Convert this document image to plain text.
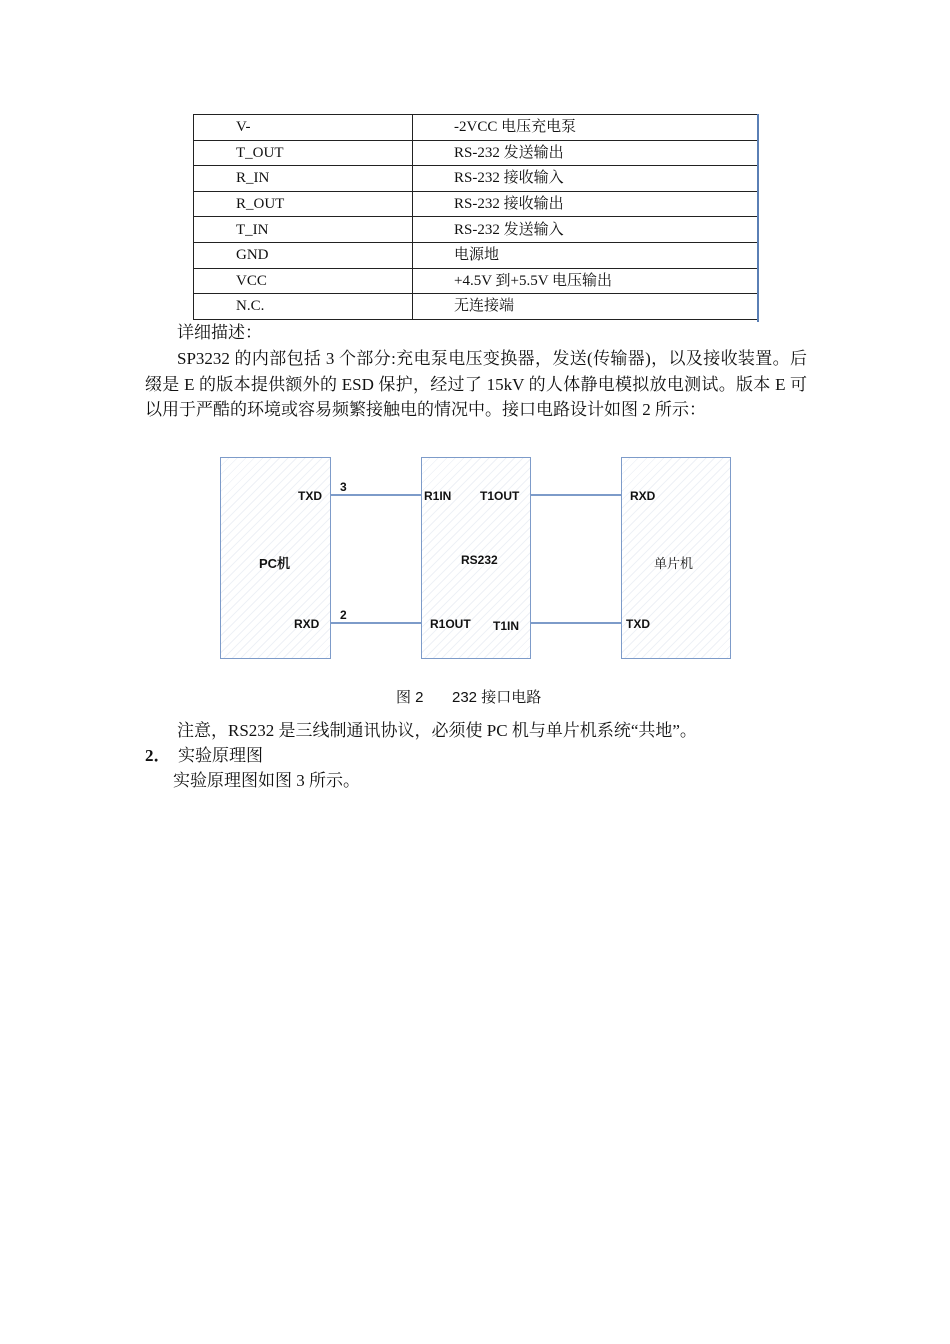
V-	-2VCC 电压充电泵
T_OUT	RS-232 发送输出
R_IN	RS-232 接收输入
R_OUT	RS-232 接收输出
T_IN	RS-232 发送输入
GND	电源地
VCC	+4.5V 到+5.5V 电压输出
N.C.	无连接端

详细描述：

SP3232 的内部包括 3 个部分:充电泵电压变换器，发送(传输器)，以及接收装置。后缀是 E 的版本提供额外的 ESD 保护，经过了 15kV 的人体静电模拟放电测试。版本 E 可以用于严酷的环境或容易频繁接触电的情况中。接口电路设计如图 2 所示：

TXD
PC机
RXD
3
2
R1IN T1OUT
RS232
R1OUT T1IN
RXD
单片机
TXD
图 2 232 接口电路

注意，RS232 是三线制通讯协议，必须使 PC 机与单片机系统“共地”。

2． 实验原理图

实验原理图如图 3 所示。
